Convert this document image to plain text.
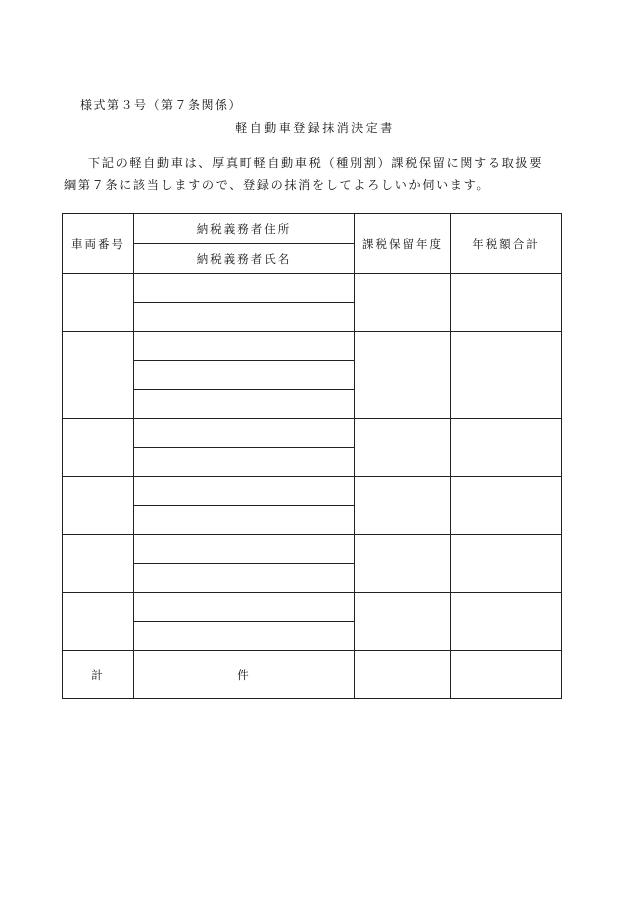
様式第３号（第７条関係）
軽自動車登録抹消決定書
下記の軽自動車は、厚真町軽自動車税（種別割）課税保留に関する取扱要
綱第７条に該当しますので、登録の抹消をしてよろしいか伺います。
車両番号	納税義務者住所	課税保留年度	年税額合計
	納税義務者氏名		

計	件		
